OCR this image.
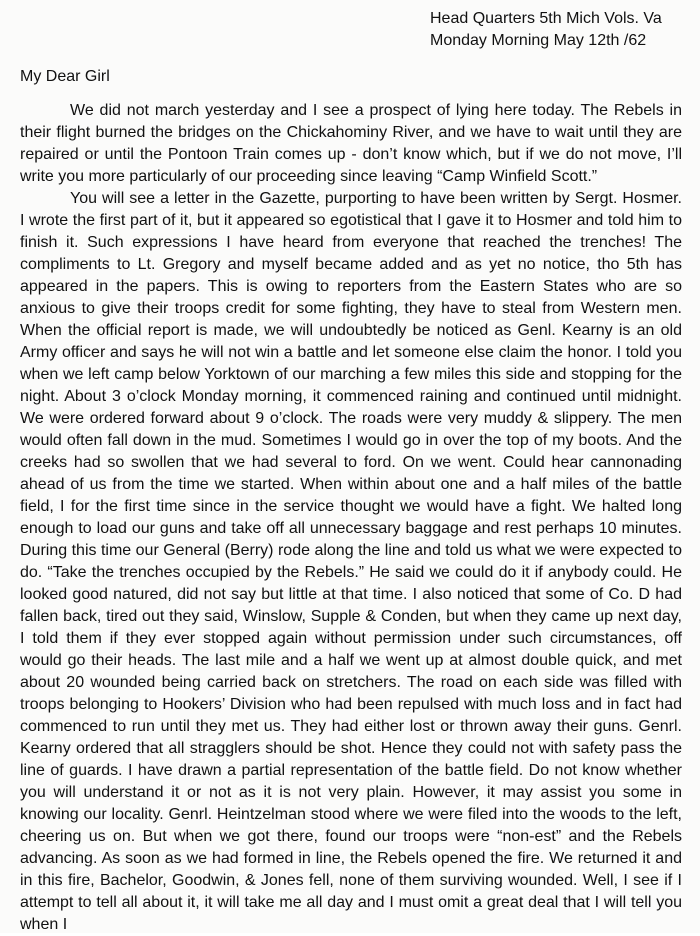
Head Quarters 5th Mich Vols. Va
Monday Morning May 12th /62
My Dear Girl

We did not march yesterday and I see a prospect of lying here today. The Rebels in their flight burned the bridges on the Chickahominy River, and we have to wait until they are repaired or until the Pontoon Train comes up - don’t know which, but if we do not move, I’ll write you more particularly of our proceeding since leaving “Camp Winfield Scott.”

You will see a letter in the Gazette, purporting to have been written by Sergt. Hosmer. I wrote the first part of it, but it appeared so egotistical that I gave it to Hosmer and told him to finish it. Such expressions I have heard from everyone that reached the trenches! The compliments to Lt. Gregory and myself became added and as yet no notice, tho 5th has appeared in the papers. This is owing to reporters from the Eastern States who are so anxious to give their troops credit for some fighting, they have to steal from Western men. When the official report is made, we will undoubtedly be noticed as Genl. Kearny is an old Army officer and says he will not win a battle and let someone else claim the honor. I told you when we left camp below Yorktown of our marching a few miles this side and stopping for the night. About 3 o’clock Monday morning, it commenced raining and continued until midnight. We were ordered forward about 9 o’clock. The roads were very muddy & slippery. The men would often fall down in the mud. Sometimes I would go in over the top of my boots. And the creeks had so swollen that we had several to ford. On we went. Could hear cannonading ahead of us from the time we started. When within about one and a half miles of the battle field, I for the first time since in the service thought we would have a fight. We halted long enough to load our guns and take off all unnecessary baggage and rest perhaps 10 minutes. During this time our General (Berry) rode along the line and told us what we were expected to do. “Take the trenches occupied by the Rebels.” He said we could do it if anybody could. He looked good natured, did not say but little at that time. I also noticed that some of Co. D had fallen back, tired out they said, Winslow, Supple & Conden, but when they came up next day, I told them if they ever stopped again without permission under such circumstances, off would go their heads. The last mile and a half we went up at almost double quick, and met about 20 wounded being carried back on stretchers. The road on each side was filled with troops belonging to Hookers’ Division who had been repulsed with much loss and in fact had commenced to run until they met us. They had either lost or thrown away their guns. Genrl. Kearny ordered that all stragglers should be shot. Hence they could not with safety pass the line of guards. I have drawn a partial representation of the battle field. Do not know whether you will understand it or not as it is not very plain. However, it may assist you some in knowing our locality. Genrl. Heintzelman stood where we were filed into the woods to the left, cheering us on. But when we got there, found our troops were “non-est” and the Rebels advancing. As soon as we had formed in line, the Rebels opened the fire. We returned it and in this fire, Bachelor, Goodwin, & Jones fell, none of them surviving wounded. Well, I see if I attempt to tell all about it, it will take me all day and I must omit a great deal that I will tell you when I
